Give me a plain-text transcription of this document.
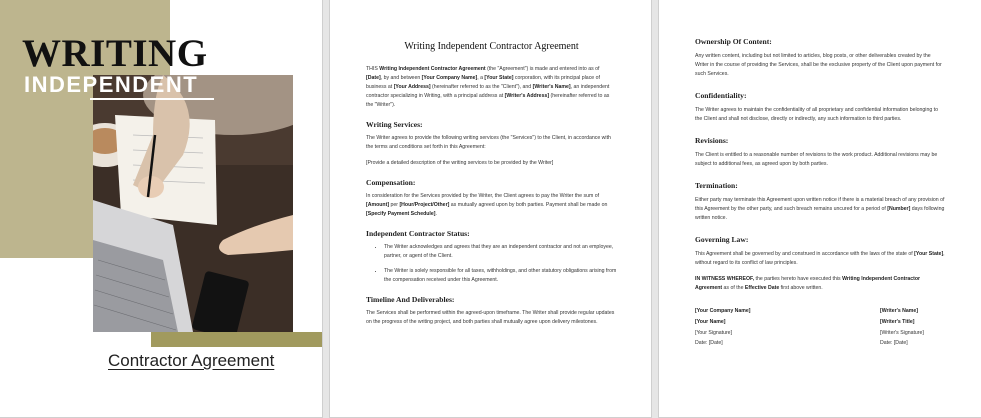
WRITING
INDEPENDENT
Contractor Agreement
Writing Independent Contractor Agreement

THIS Writing Independent Contractor Agreement (the "Agreement") is made and entered into as of [Date], by and between [Your Company Name], a [Your State] corporation, with its principal place of business at [Your Address] (hereinafter referred to as the "Client"), and [Writer's Name], an independent contractor specializing in Writing, with a principal address at [Writer's Address] (hereinafter referred to as the "Writer").

Writing Services:

The Writer agrees to provide the following writing services (the "Services") to the Client, in accordance with the terms and conditions set forth in this Agreement:

[Provide a detailed description of the writing services to be provided by the Writer]

Compensation:

In consideration for the Services provided by the Writer, the Client agrees to pay the Writer the sum of [Amount] per [Hour/Project/Other] as mutually agreed upon by both parties. Payment shall be made on [Specify Payment Schedule].

Independent Contractor Status:
• The Writer acknowledges and agrees that they are an independent contractor and not an employee, partner, or agent of the Client.
• The Writer is solely responsible for all taxes, withholdings, and other statutory obligations arising from the compensation received under this Agreement.
Timeline And Deliverables:

The Services shall be performed within the agreed-upon timeframe. The Writer shall provide regular updates on the progress of the writing project, and both parties shall mutually agree upon delivery milestones.

Ownership Of Content:

Any written content, including but not limited to articles, blog posts, or other deliverables created by the Writer in the course of providing the Services, shall be the exclusive property of the Client upon payment for such Services.

Confidentiality:

The Writer agrees to maintain the confidentiality of all proprietary and confidential information belonging to the Client and shall not disclose, directly or indirectly, any such information to third parties.

Revisions:

The Client is entitled to a reasonable number of revisions to the work product. Additional revisions may be subject to additional fees, as agreed upon by both parties.

Termination:

Either party may terminate this Agreement upon written notice if there is a material breach of any provision of this Agreement by the other party, and such breach remains uncured for a period of [Number] days following written notice.

Governing Law:

This Agreement shall be governed by and construed in accordance with the laws of the state of [Your State], without regard to its conflict of law principles.

IN WITNESS WHEREOF, the parties hereto have executed this Writing Independent Contractor Agreement as of the Effective Date first above written.

[Your Company Name]
[Your Name]
[Your Signature]
Date: [Date]
[Writer's Name]
[Writer's Title]
[Writer's Signature]
Date: [Date]
